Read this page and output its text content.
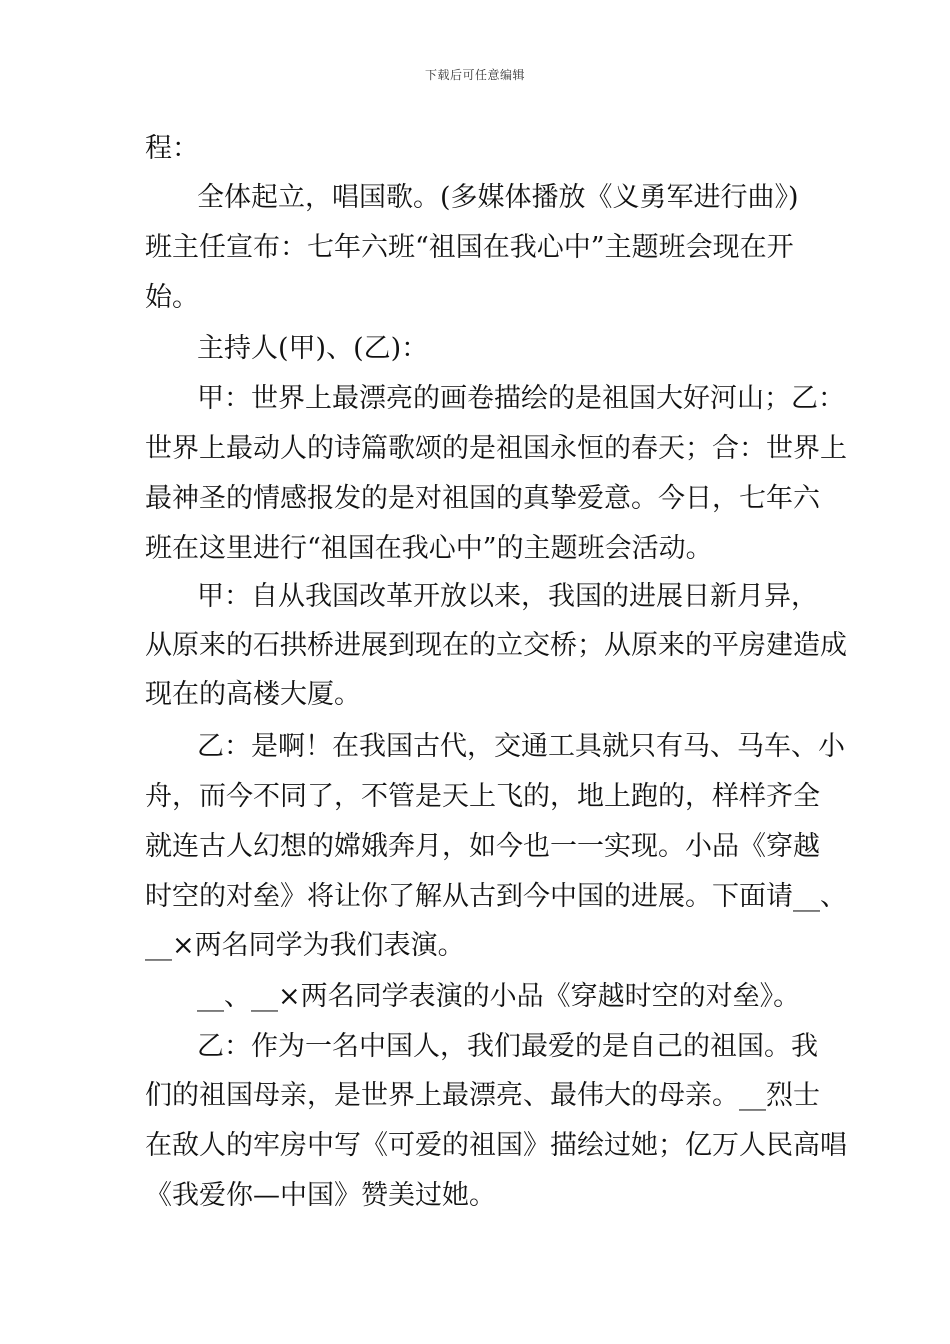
下载后可任意编辑
程：
全体起立，唱国歌。(多媒体播放《义勇军进行曲》)
班主任宣布：七年六班“祖国在我心中”主题班会现在开
始。
主持人(甲)、(乙)：
甲：世界上最漂亮的画卷描绘的是祖国大好河山；乙：
世界上最动人的诗篇歌颂的是祖国永恒的春天；合：世界上
最神圣的情感报发的是对祖国的真挚爱意。今日，七年六
班在这里进行“祖国在我心中”的主题班会活动。
甲：自从我国改革开放以来，我国的进展日新月异，
从原来的石拱桥进展到现在的立交桥；从原来的平房建造成
现在的高楼大厦。
乙：是啊！在我国古代，交通工具就只有马、马车、小
舟，而今不同了，不管是天上飞的，地上跑的，样样齐全
就连古人幻想的嫦娥奔月，如今也一一实现。小品《穿越
时空的对垒》将让你了解从古到今中国的进展。下面请__、
__×两名同学为我们表演。
__、__×两名同学表演的小品《穿越时空的对垒》。
乙：作为一名中国人，我们最爱的是自己的祖国。我
们的祖国母亲，是世界上最漂亮、最伟大的母亲。__烈士
在敌人的牢房中写《可爱的祖国》描绘过她；亿万人民高唱
《我爱你—中国》赞美过她。
